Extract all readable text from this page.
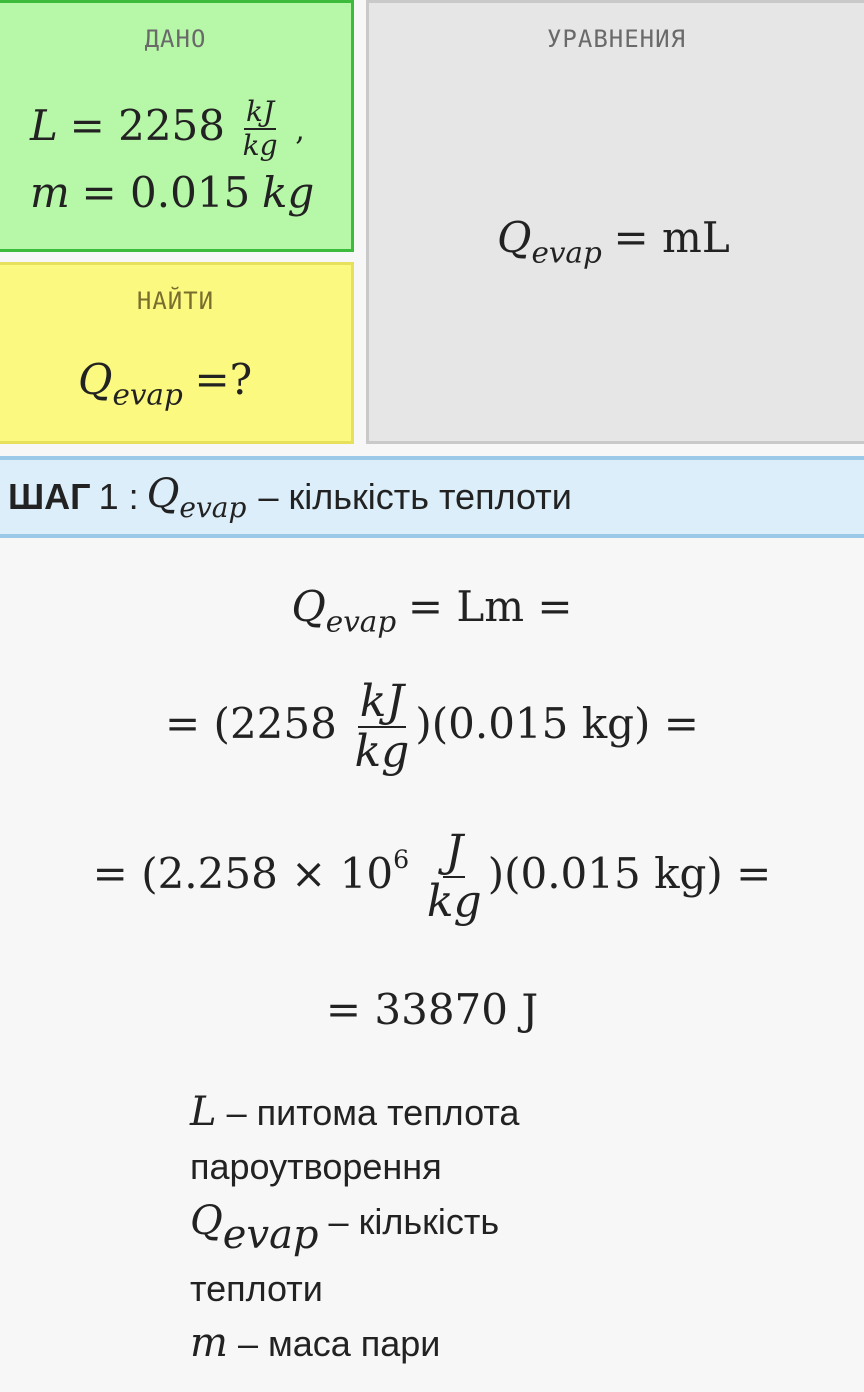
ДАНО
$L = 2258 \frac{kJ}{kg}$ ,
m = 0.015 kg
НАЙТИ
$Q_{evap}$ =?
УРАВНЕНИЯ
$Q_{evap}$ = mL
ШАГ 1 : $Q_{evap}$ – кількість теплоти
$Q_{evap} = Lm$ =
= $(2258 \frac{kJ}{kg} )(0.015$ kg) =
= $(2.258 \times 10^6 \frac{J}{kg} )(0.015$ kg) =
= 33870 J
L – питома теплота
пароутворення
Qevap – кількість
теплоти
m – маса пари
